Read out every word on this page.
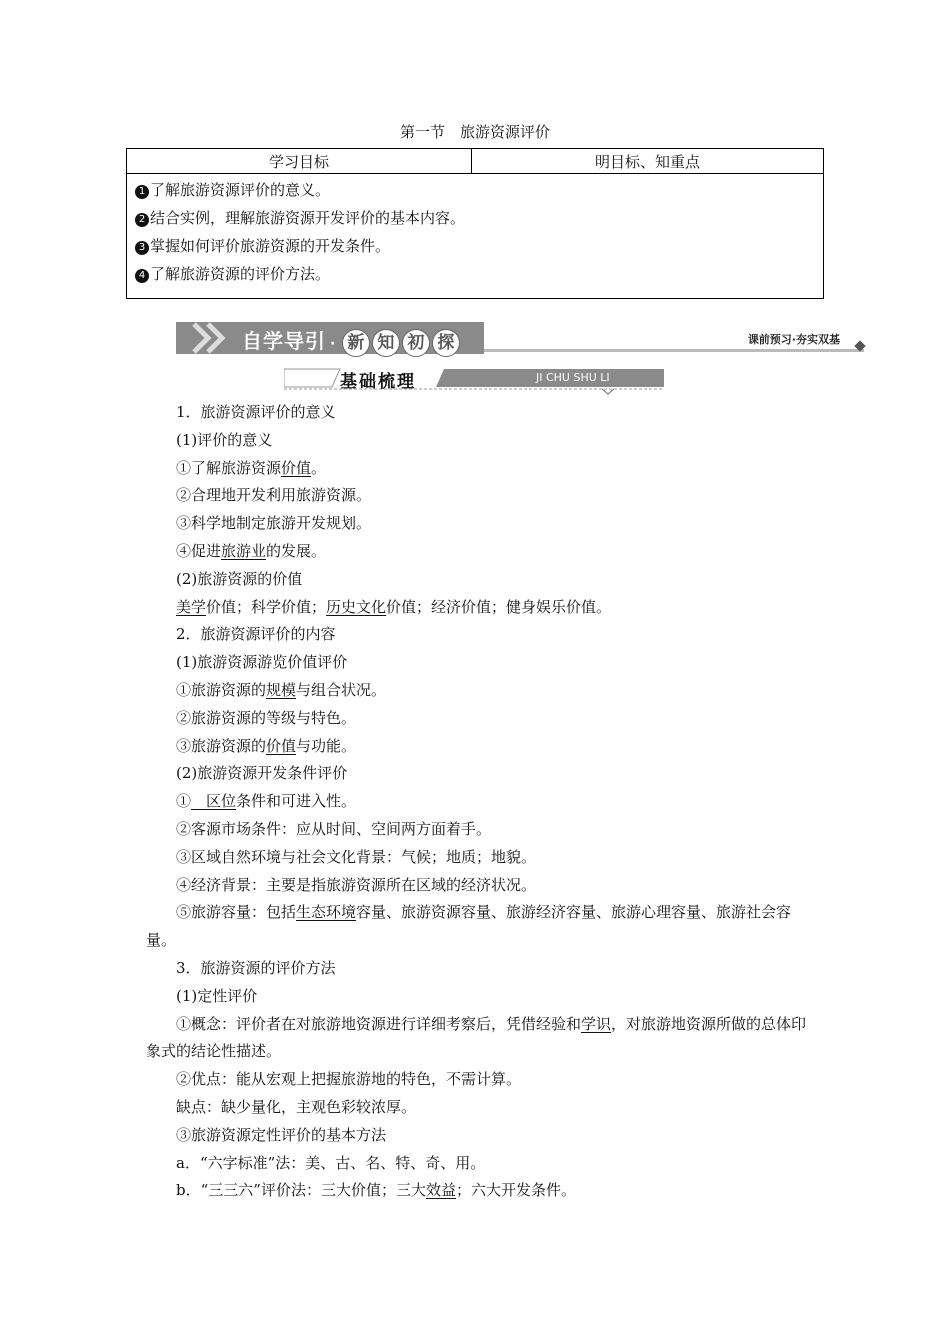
第一节　旅游资源评价
学习目标	明目标、知重点

1 了解旅游资源评价的意义。
2 结合实例，理解旅游资源开发评价的基本内容。
3 掌握如何评价旅游资源的开发条件。
4 了解旅游资源的评价方法。
自学导引 · 新 知 初 探	课前预习·夯实双基
基础梳理	JI CHU SHU LI

1．旅游资源评价的意义

(1)评价的意义

①了解旅游资源价值。

②合理地开发利用旅游资源。

③科学地制定旅游开发规划。

④促进旅游业的发展。

(2)旅游资源的价值

美学价值；科学价值；历史文化价值；经济价值；健身娱乐价值。

2．旅游资源评价的内容

(1)旅游资源游览价值评价

①旅游资源的规模与组合状况。

②旅游资源的等级与特色。

③旅游资源的价值与功能。

(2)旅游资源开发条件评价

①　区位条件和可进入性。

②客源市场条件：应从时间、空间两方面着手。

③区域自然环境与社会文化背景：气候；地质；地貌。

④经济背景：主要是指旅游资源所在区域的经济状况。

⑤旅游容量：包括生态环境容量、旅游资源容量、旅游经济容量、旅游心理容量、旅游社会容量。

3．旅游资源的评价方法

(1)定性评价

①概念：评价者在对旅游地资源进行详细考察后，凭借经验和学识，对旅游地资源所做的总体印象式的结论性描述。

②优点：能从宏观上把握旅游地的特色，不需计算。

缺点：缺少量化，主观色彩较浓厚。

③旅游资源定性评价的基本方法

a．“六字标准”法：美、古、名、特、奇、用。

b．“三三六”评价法：三大价值；三大效益；六大开发条件。
